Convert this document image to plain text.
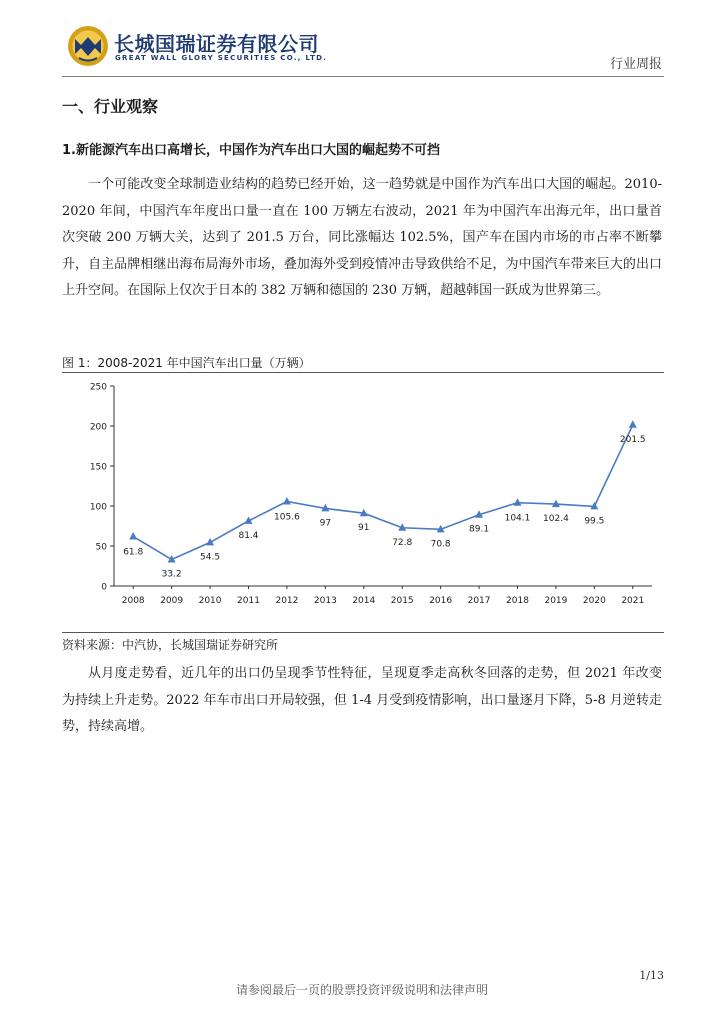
长城国瑞证券有限公司
GREAT WALL GLORY SECURITIES CO., LTD.	行业周报
一、行业观察
1.新能源汽车出口高增长，中国作为汽车出口大国的崛起势不可挡

一个可能改变全球制造业结构的趋势已经开始，这一趋势就是中国作为汽车出口大国的崛起。2010-2020 年间，中国汽车年度出口量一直在 100 万辆左右波动，2021 年为中国汽车出海元年，出口量首次突破 200 万辆大关，达到了 201.5 万台，同比涨幅达 102.5%，国产车在国内市场的市占率不断攀升，自主品牌相继出海布局海外市场，叠加海外受到疫情冲击导致供给不足，为中国汽车带来巨大的出口上升空间。在国际上仅次于日本的 382 万辆和德国的 230 万辆，超越韩国一跃成为世界第三。

图 1：2008-2021 年中国汽车出口量（万辆）
0
50
100
150
200
250
2008 2009 2010 2011 2012 2013 2014 2015 2016 2017 2018 2019 2020 2021
61.8
33.2
54.5
81.4
105.6
97	91
72.8 70.8
89.1
104.1 102.4 99.5
201.5
资料来源：中汽协，长城国瑞证券研究所

从月度走势看，近几年的出口仍呈现季节性特征，呈现夏季走高秋冬回落的走势，但 2021 年改变为持续上升走势。2022 年车市出口开局较强，但 1-4 月受到疫情影响，出口量逐月下降，5-8 月逆转走势，持续高增。

1/13
请参阅最后一页的股票投资评级说明和法律声明
